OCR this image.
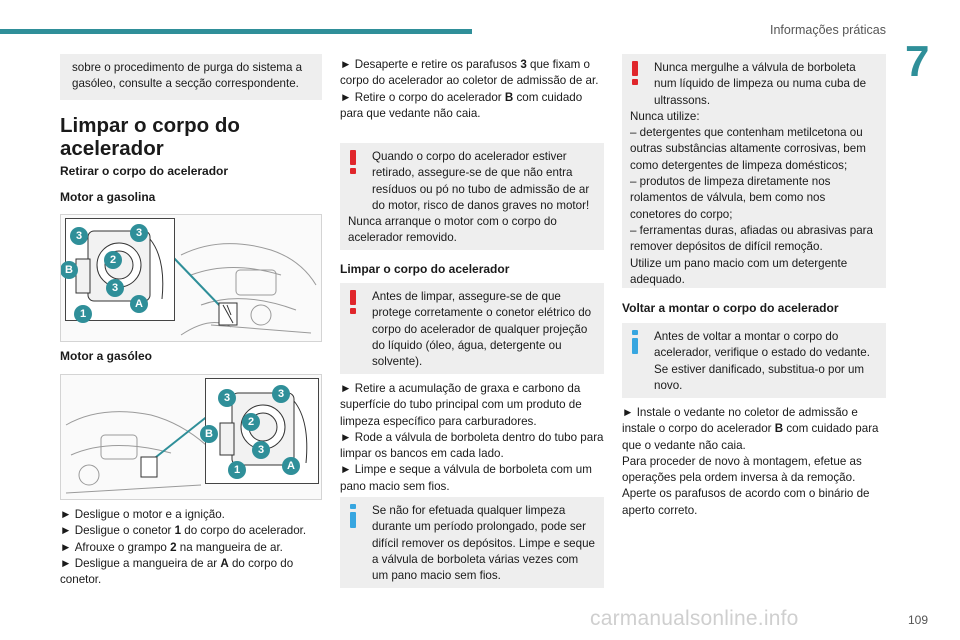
Informações práticas
7

sobre o procedimento de purga do sistema a gasóleo, consulte a secção correspondente.

Limpar o corpo do acelerador
Retirar o corpo do acelerador
Motor a gasolina
3	3
B
2
3
A
1
Motor a gasóleo
3	3
2
B
3
1	A

► Desligue o motor e a ignição.

► Desligue o conetor 1 do corpo do acelerador.

► Afrouxe o grampo 2 na mangueira de ar.

► Desligue a mangueira de ar A do corpo do conetor.

► Desaperte e retire os parafusos 3 que fixam o corpo do acelerador ao coletor de admissão de ar.

► Retire o corpo do acelerador B com cuidado para que vedante não caia.

Quando o corpo do acelerador estiver retirado, assegure-se de que não entra resíduos ou pó no tubo de admissão de ar do motor, risco de danos graves no motor!

Nunca arranque o motor com o corpo do acelerador removido.

Limpar o corpo do acelerador

Antes de limpar, assegure-se de que protege corretamente o conetor elétrico do corpo do acelerador de qualquer projeção do líquido (óleo, água, detergente ou solvente).

► Retire a acumulação de graxa e carbono da superfície do tubo principal com um produto de limpeza específico para carburadores.

► Rode a válvula de borboleta dentro do tubo para limpar os bancos em cada lado.

► Limpe e seque a válvula de borboleta com um pano macio sem fios.

Se não for efetuada qualquer limpeza durante um período prolongado, pode ser difícil remover os depósitos. Limpe e seque a válvula de borboleta várias vezes com um pano macio sem fios.

Nunca mergulhe a válvula de borboleta num líquido de limpeza ou numa cuba de ultrassons.

Nunca utilize:

– detergentes que contenham metilcetona ou outras substâncias altamente corrosivas, bem como detergentes de limpeza domésticos;

– produtos de limpeza diretamente nos rolamentos de válvula, bem como nos conetores do corpo;

– ferramentas duras, afiadas ou abrasivas para remover depósitos de difícil remoção.

Utilize um pano macio com um detergente adequado.

Voltar a montar o corpo do acelerador

Antes de voltar a montar o corpo do acelerador, verifique o estado do vedante. Se estiver danificado, substitua-o por um novo.

► Instale o vedante no coletor de admissão e instale o corpo do acelerador B com cuidado para que o vedante não caia.

Para proceder de novo à montagem, efetue as operações pela ordem inversa à da remoção.

Aperte os parafusos de acordo com o binário de aperto correto.

109
carmanualsonline.info
